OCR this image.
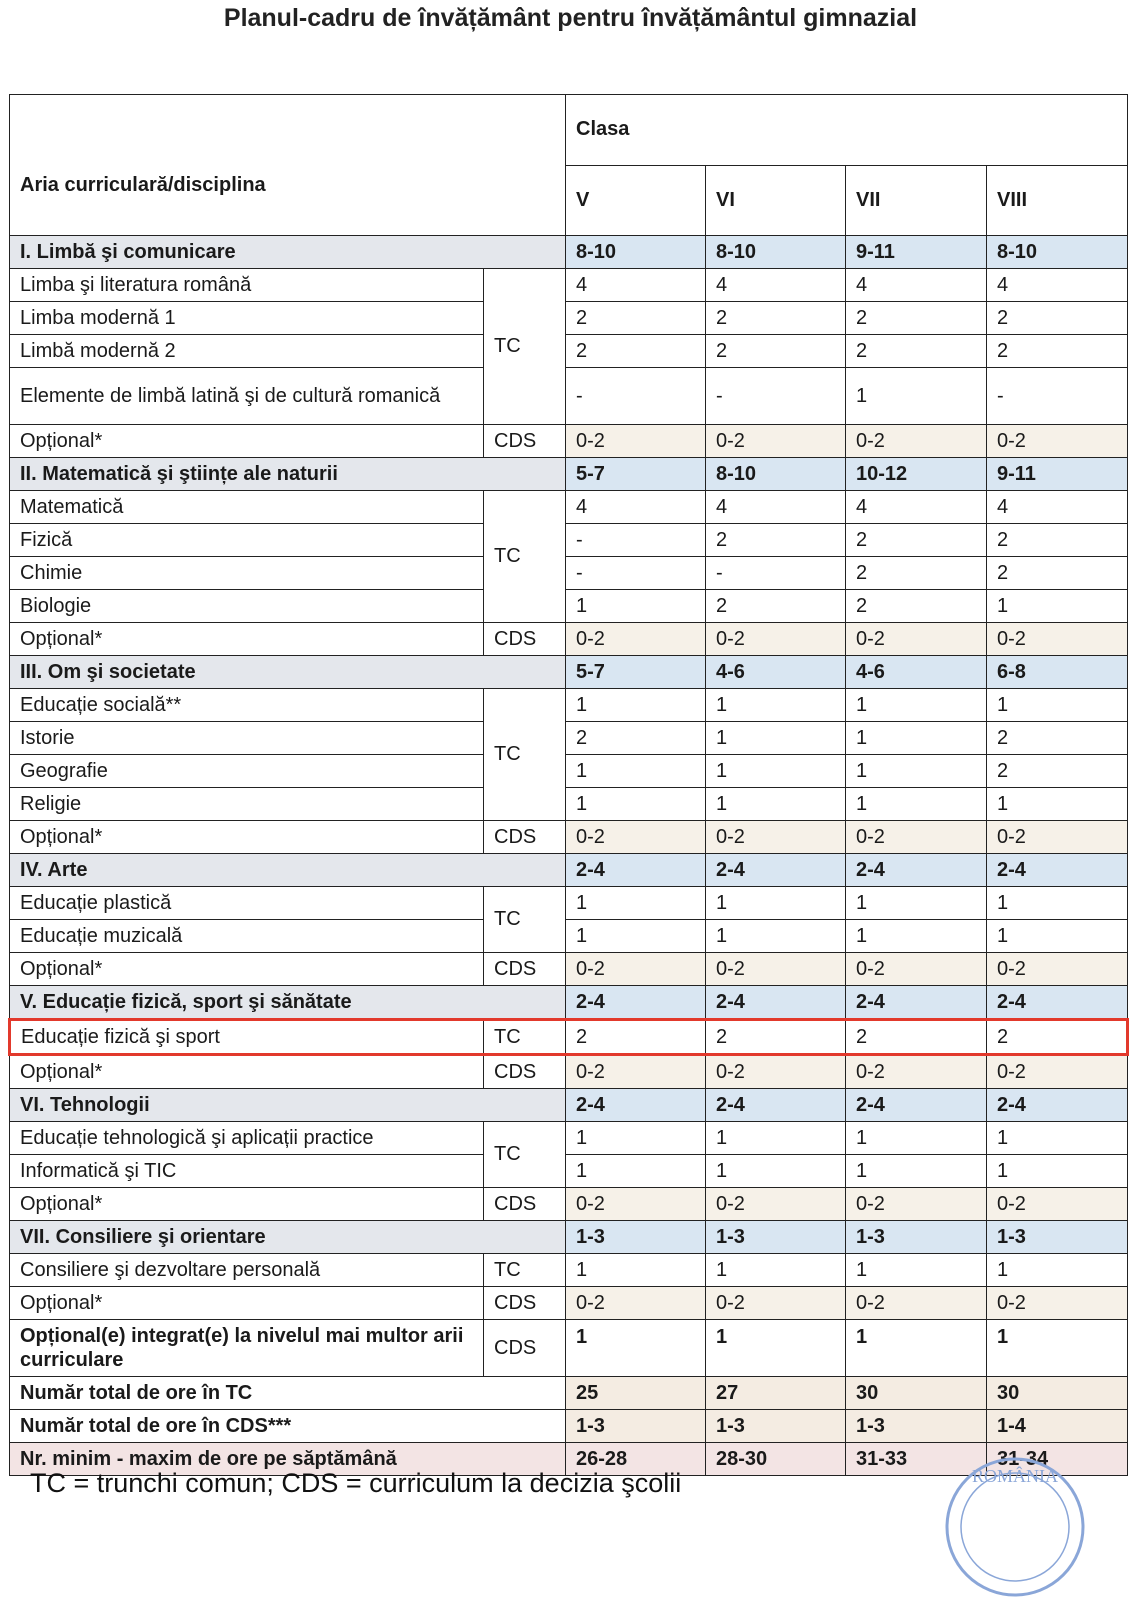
Planul-cadru de învățământ pentru învățământul gimnazial
Aria curriculară/disciplina		Clasa			
		V	VI	VII	VIII
I. Limbă şi comunicare		8-10	8-10	9-11	8-10
Limba şi literatura română	TC	4	4	4	4
Limba modernă 1		2	2	2	2
Limbă modernă 2		2	2	2	2
Elemente de limbă latină şi de cultură romanică		-	-	1	-
Opțional*	CDS	0-2	0-2	0-2	0-2
II. Matematică şi ştiințe ale naturii		5-7	8-10	10-12	9-11
Matematică	TC	4	4	4	4
Fizică		-	2	2	2
Chimie		-	-	2	2
Biologie		1	2	2	1
Opțional*	CDS	0-2	0-2	0-2	0-2
III. Om şi societate		5-7	4-6	4-6	6-8
Educație socială**	TC	1	1	1	1
Istorie		2	1	1	2
Geografie		1	1	1	2
Religie		1	1	1	1
Opțional*	CDS	0-2	0-2	0-2	0-2
IV. Arte		2-4	2-4	2-4	2-4
Educație plastică	TC	1	1	1	1
Educație muzicală		1	1	1	1
Opțional*	CDS	0-2	0-2	0-2	0-2
V. Educație fizică, sport şi sănătate		2-4	2-4	2-4	2-4
Educație fizică şi sport	TC	2	2	2	2
Opțional*	CDS	0-2	0-2	0-2	0-2
VI. Tehnologii		2-4	2-4	2-4	2-4
Educație tehnologică şi aplicații practice	TC	1	1	1	1
Informatică şi TIC		1	1	1	1
Opțional*	CDS	0-2	0-2	0-2	0-2
VII. Consiliere şi orientare		1-3	1-3	1-3	1-3
Consiliere şi dezvoltare personală	TC	1	1	1	1
Opțional*	CDS	0-2	0-2	0-2	0-2
Opțional(e) integrat(e) la nivelul mai multor arii curriculare	CDS	1	1	1	1
Număr total de ore în TC		25	27	30	30
Număr total de ore în CDS***		1-3	1-3	1-3	1-4
Nr. minim - maxim de ore pe săptămână		26-28	28-30	31-33	31-34
TC = trunchi comun; CDS = curriculum la decizia şcolii	ROMÂNIA
